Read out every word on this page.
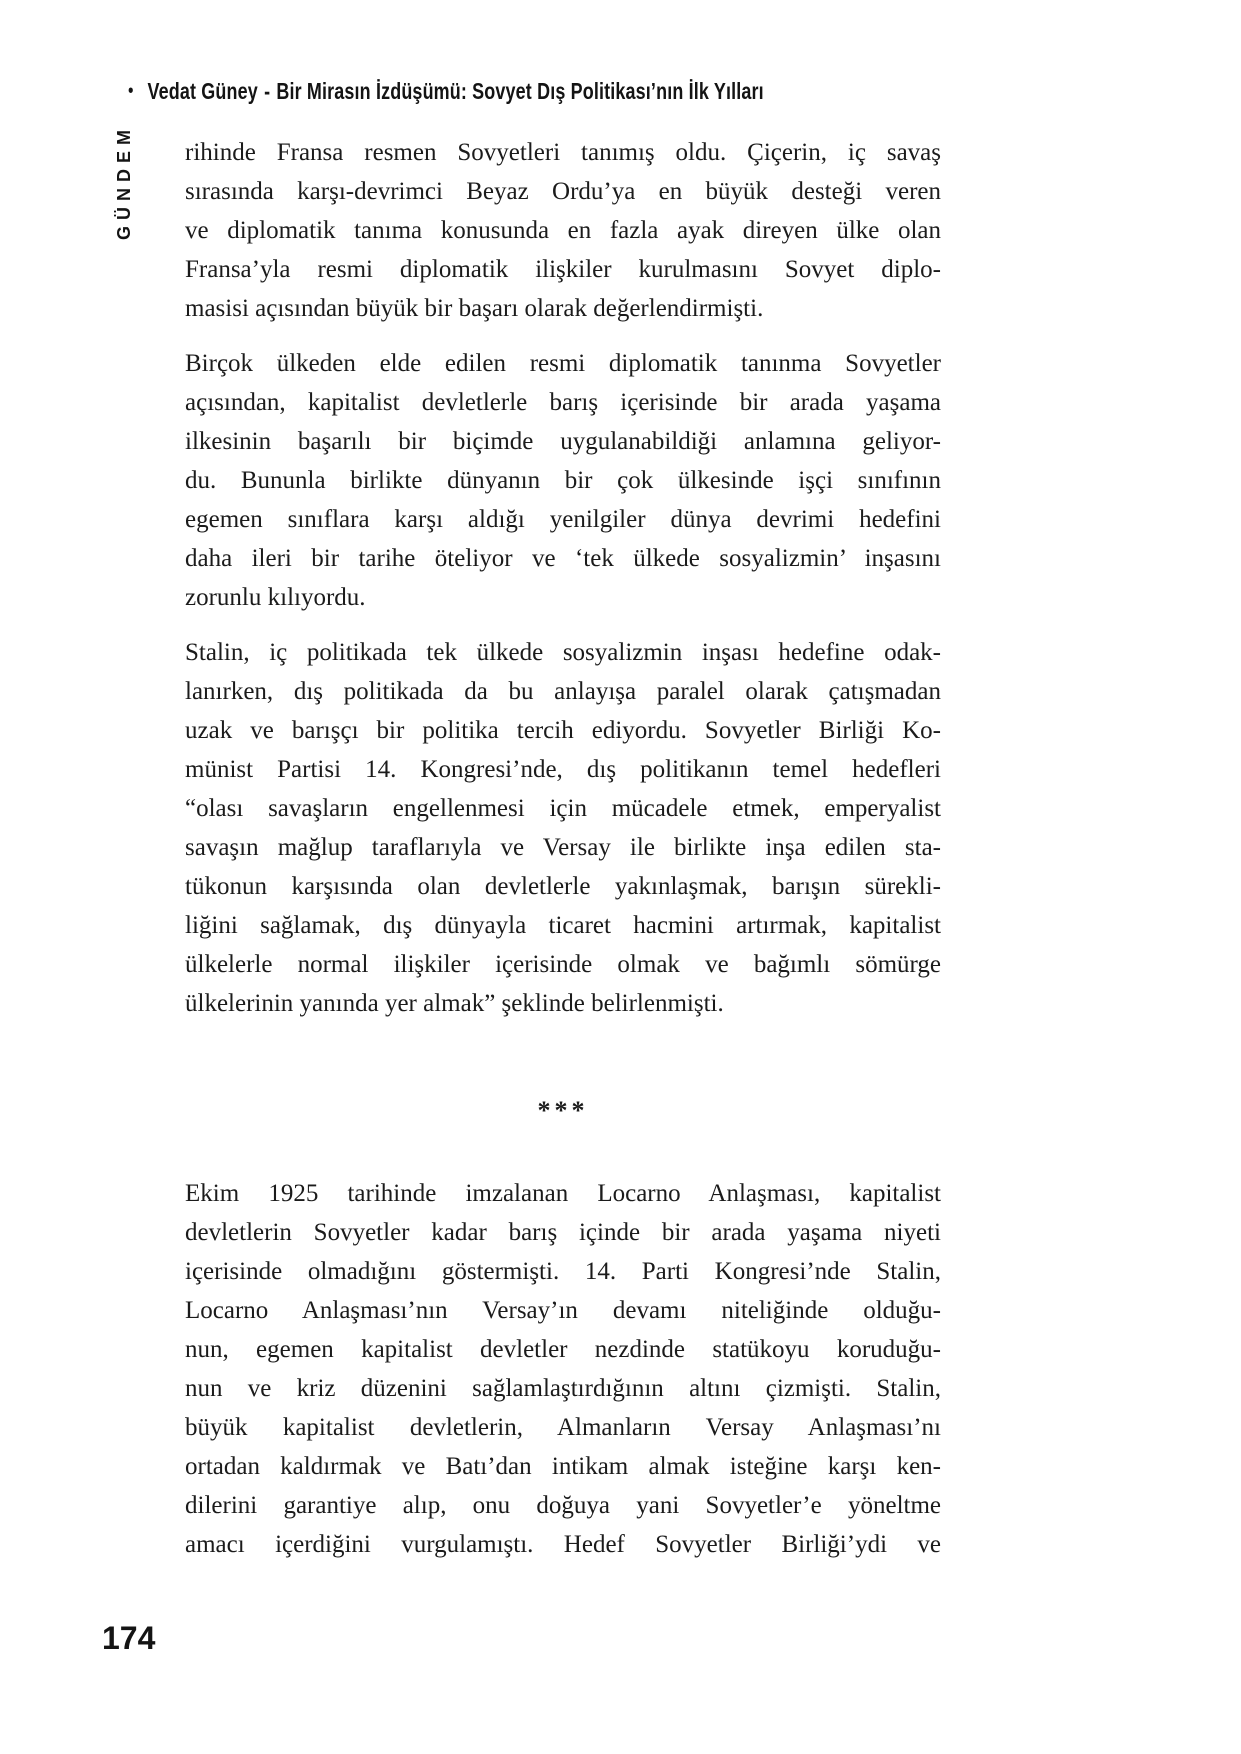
• Vedat Güney - Bir Mirasın İzdüşümü: Sovyet Dış Politikası’nın İlk Yılları
GÜNDEM rihinde Fransa resmen Sovyetleri tanımış oldu. Çiçerin, iç savaş
sırasında karşı-devrimci Beyaz Ordu’ya en büyük desteği veren
ve diplomatik tanıma konusunda en fazla ayak direyen ülke olan
Fransa’yla resmi diplomatik ilişkiler kurulmasını Sovyet diplo-
masisi açısından büyük bir başarı olarak değerlendirmişti.
Birçok ülkeden elde edilen resmi diplomatik tanınma Sovyetler
açısından, kapitalist devletlerle barış içerisinde bir arada yaşama
ilkesinin başarılı bir biçimde uygulanabildiği anlamına geliyor-
du. Bununla birlikte dünyanın bir çok ülkesinde işçi sınıfının
egemen sınıflara karşı aldığı yenilgiler dünya devrimi hedefini
daha ileri bir tarihe öteliyor ve ‘tek ülkede sosyalizmin’ inşasını
zorunlu kılıyordu.
Stalin, iç politikada tek ülkede sosyalizmin inşası hedefine odak-
lanırken, dış politikada da bu anlayışa paralel olarak çatışmadan
uzak ve barışçı bir politika tercih ediyordu. Sovyetler Birliği Ko-
münist Partisi 14. Kongresi’nde, dış politikanın temel hedefleri
“olası savaşların engellenmesi için mücadele etmek, emperyalist
savaşın mağlup taraflarıyla ve Versay ile birlikte inşa edilen sta-
tükonun karşısında olan devletlerle yakınlaşmak, barışın sürekli-
liğini sağlamak, dış dünyayla ticaret hacmini artırmak, kapitalist
ülkelerle normal ilişkiler içerisinde olmak ve bağımlı sömürge
ülkelerinin yanında yer almak” şeklinde belirlenmişti.
***
Ekim 1925 tarihinde imzalanan Locarno Anlaşması, kapitalist
devletlerin Sovyetler kadar barış içinde bir arada yaşama niyeti
içerisinde olmadığını göstermişti. 14. Parti Kongresi’nde Stalin,
Locarno Anlaşması’nın Versay’ın devamı niteliğinde olduğu-
nun, egemen kapitalist devletler nezdinde statükoyu koruduğu-
nun ve kriz düzenini sağlamlaştırdığının altını çizmişti. Stalin,
büyük kapitalist devletlerin, Almanların Versay Anlaşması’nı
ortadan kaldırmak ve Batı’dan intikam almak isteğine karşı ken-
dilerini garantiye alıp, onu doğuya yani Sovyetler’e yöneltme
amacı içerdiğini vurgulamıştı. Hedef Sovyetler Birliği’ydi ve
174
